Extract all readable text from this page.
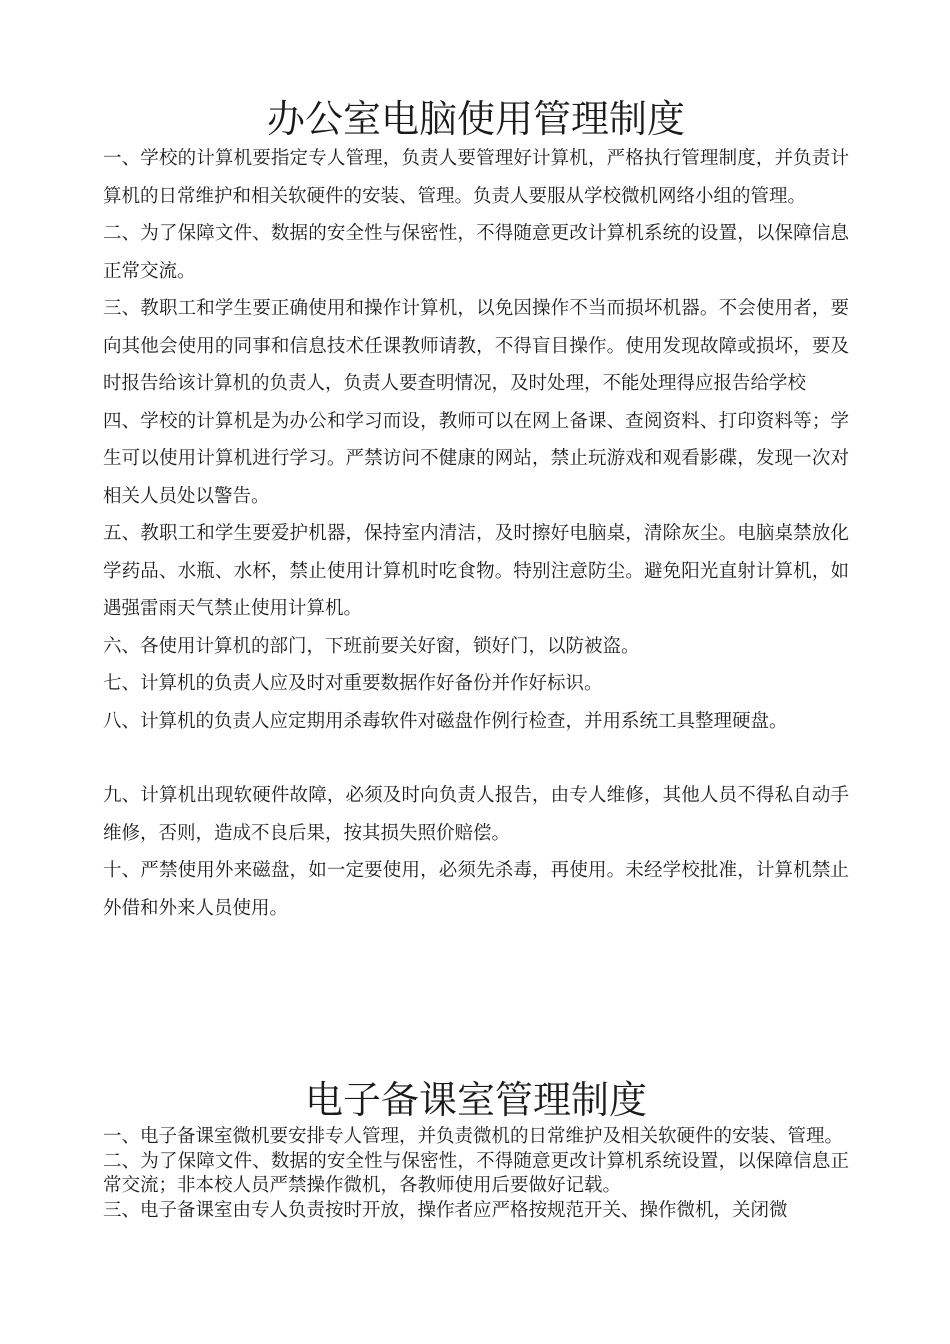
办公室电脑使用管理制度

一、学校的计算机要指定专人管理，负责人要管理好计算机，严格执行管理制度，并负责计算机的日常维护和相关软硬件的安装、管理。负责人要服从学校微机网络小组的管理。

二、为了保障文件、数据的安全性与保密性，不得随意更改计算机系统的设置，以保障信息正常交流。

三、教职工和学生要正确使用和操作计算机，以免因操作不当而损坏机器。不会使用者，要向其他会使用的同事和信息技术任课教师请教，不得盲目操作。使用发现故障或损坏，要及时报告给该计算机的负责人，负责人要查明情况，及时处理，不能处理得应报告给学校

四、学校的计算机是为办公和学习而设，教师可以在网上备课、查阅资料、打印资料等；学生可以使用计算机进行学习。严禁访问不健康的网站，禁止玩游戏和观看影碟，发现一次对相关人员处以警告。

五、教职工和学生要爱护机器，保持室内清洁，及时擦好电脑桌，清除灰尘。电脑桌禁放化学药品、水瓶、水杯，禁止使用计算机时吃食物。特别注意防尘。避免阳光直射计算机，如遇强雷雨天气禁止使用计算机。

六、各使用计算机的部门，下班前要关好窗，锁好门，以防被盗。

七、计算机的负责人应及时对重要数据作好备份并作好标识。

八、计算机的负责人应定期用杀毒软件对磁盘作例行检查，并用系统工具整理硬盘。

九、计算机出现软硬件故障，必须及时向负责人报告，由专人维修，其他人员不得私自动手维修，否则，造成不良后果，按其损失照价赔偿。

十、严禁使用外来磁盘，如一定要使用，必须先杀毒，再使用。未经学校批准，计算机禁止外借和外来人员使用。

电子备课室管理制度

一、电子备课室微机要安排专人管理，并负责微机的日常维护及相关软硬件的安装、管理。

二、为了保障文件、数据的安全性与保密性，不得随意更改计算机系统设置，以保障信息正常交流；非本校人员严禁操作微机，各教师使用后要做好记载。

三、电子备课室由专人负责按时开放，操作者应严格按规范开关、操作微机，关闭微
